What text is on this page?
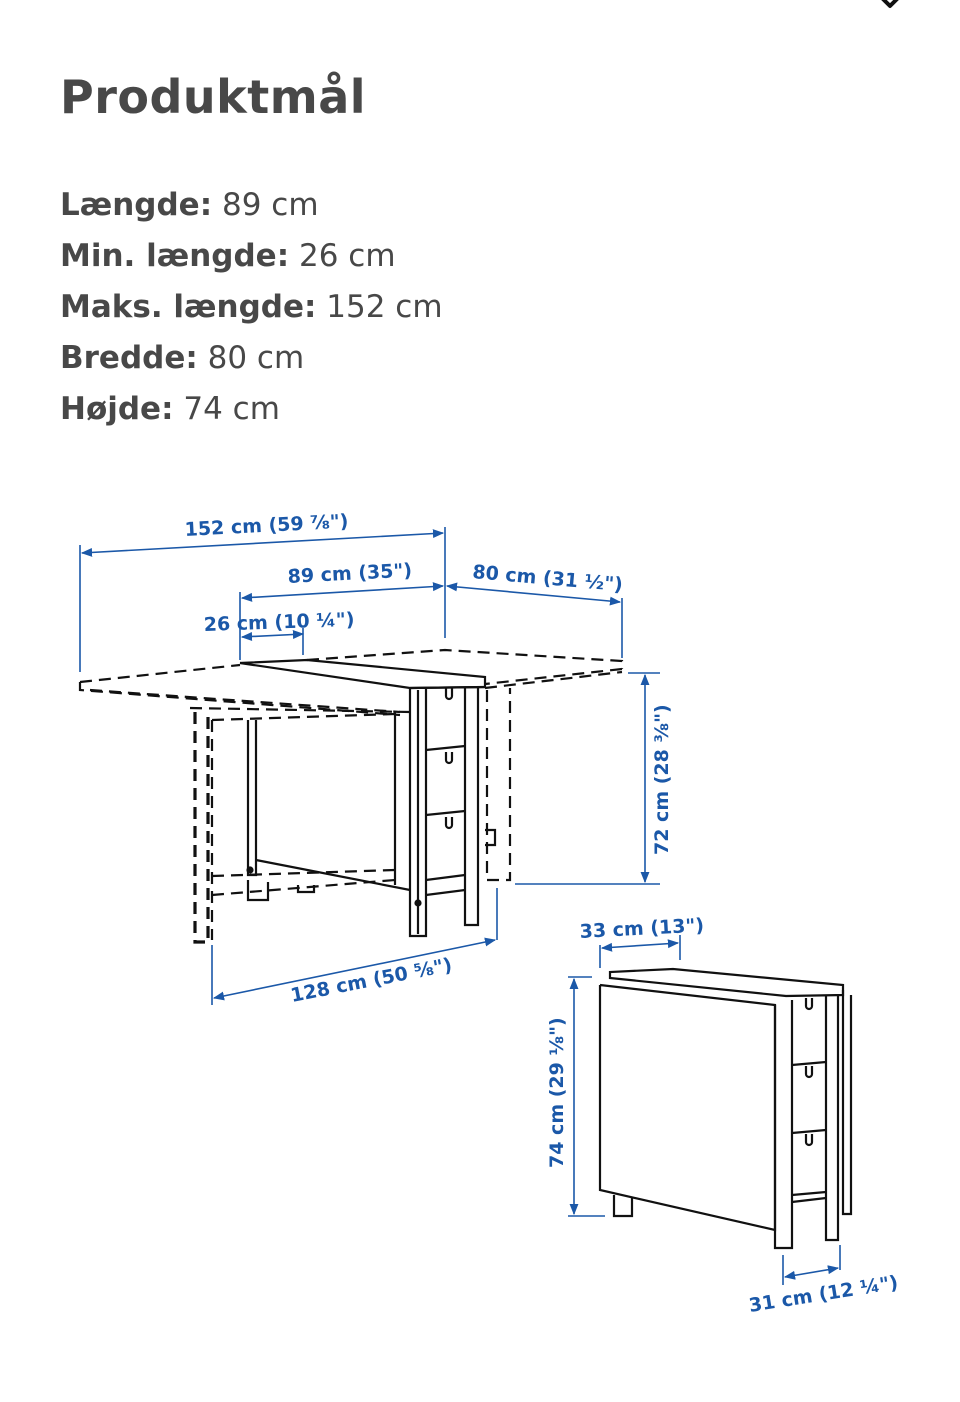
Produktmål
Længde: 89 cm
Min. længde: 26 cm
Maks. længde: 152 cm
Bredde: 80 cm
Højde: 74 cm
152 cm (59 ⅞")
89 cm (35")	80 cm (31 ½")
26 cm (10 ¼")
72 cm (28 ⅜")
128 cm (50 ⅝")
33 cm (13")
74 cm (29 ⅛")
31 cm (12 ¼")
